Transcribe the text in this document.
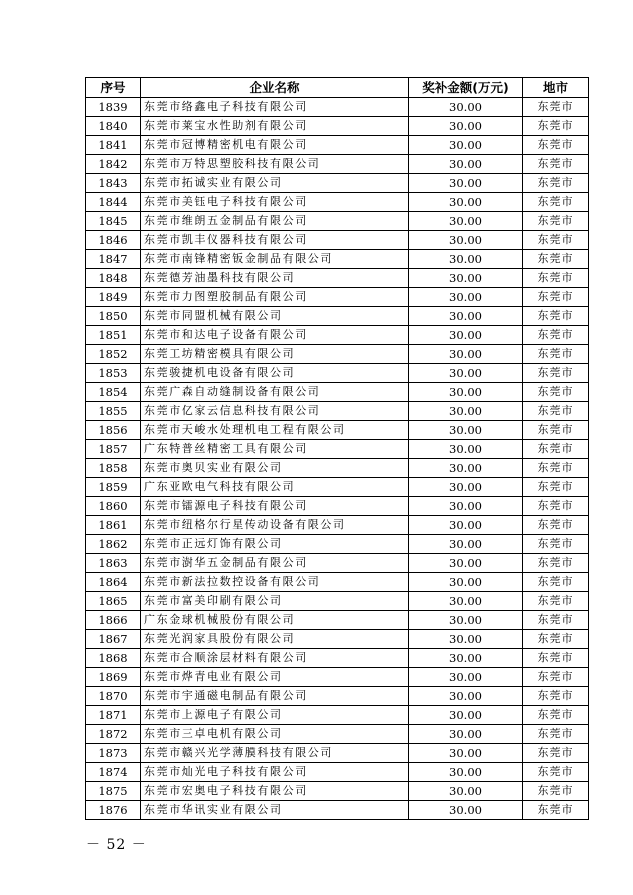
序号	企业名称	奖补金额(万元)	地市
1839	东莞市络鑫电子科技有限公司	30.00	东莞市
1840	东莞市莱宝水性助剂有限公司	30.00	东莞市
1841	东莞市冠博精密机电有限公司	30.00	东莞市
1842	东莞市万特思塑胶科技有限公司	30.00	东莞市
1843	东莞市拓诚实业有限公司	30.00	东莞市
1844	东莞市美钰电子科技有限公司	30.00	东莞市
1845	东莞市维朗五金制品有限公司	30.00	东莞市
1846	东莞市凯丰仪器科技有限公司	30.00	东莞市
1847	东莞市南锋精密钣金制品有限公司	30.00	东莞市
1848	东莞德芳油墨科技有限公司	30.00	东莞市
1849	东莞市力图塑胶制品有限公司	30.00	东莞市
1850	东莞市同盟机械有限公司	30.00	东莞市
1851	东莞市和达电子设备有限公司	30.00	东莞市
1852	东莞工坊精密模具有限公司	30.00	东莞市
1853	东莞骏捷机电设备有限公司	30.00	东莞市
1854	东莞广森自动缝制设备有限公司	30.00	东莞市
1855	东莞市亿家云信息科技有限公司	30.00	东莞市
1856	东莞市天峻水处理机电工程有限公司	30.00	东莞市
1857	广东特普丝精密工具有限公司	30.00	东莞市
1858	东莞市奥贝实业有限公司	30.00	东莞市
1859	广东亚欧电气科技有限公司	30.00	东莞市
1860	东莞市镭源电子科技有限公司	30.00	东莞市
1861	东莞市纽格尔行星传动设备有限公司	30.00	东莞市
1862	东莞市正远灯饰有限公司	30.00	东莞市
1863	东莞市澍华五金制品有限公司	30.00	东莞市
1864	东莞市新法拉数控设备有限公司	30.00	东莞市
1865	东莞市富美印刷有限公司	30.00	东莞市
1866	广东金球机械股份有限公司	30.00	东莞市
1867	东莞光润家具股份有限公司	30.00	东莞市
1868	东莞市合顺涂层材料有限公司	30.00	东莞市
1869	东莞市烨青电业有限公司	30.00	东莞市
1870	东莞市宇通磁电制品有限公司	30.00	东莞市
1871	东莞市上源电子有限公司	30.00	东莞市
1872	东莞市三卓电机有限公司	30.00	东莞市
1873	东莞市赣兴光学薄膜科技有限公司	30.00	东莞市
1874	东莞市灿光电子科技有限公司	30.00	东莞市
1875	东莞市宏奥电子科技有限公司	30.00	东莞市
1876	东莞市华讯实业有限公司	30.00	东莞市
－ 52 －
